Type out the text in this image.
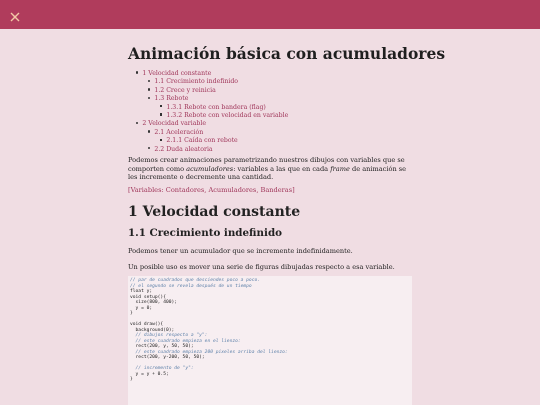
Animación básica con acumuladores
1 Velocidad constante
1.1 Crecimiento indefinido
1.2 Crece y reinicia
1.3 Rebote
1.3.1 Rebote con bandera (flag)
1.3.2 Rebote con velocidad en variable
2 Velocidad variable
2.1 Aceleración
2.1.1 Caída con rebote
2.2 Duda aleatoria

Podemos crear animaciones parametrizando nuestros dibujos con variables que se comporten como acumuladores: variables a las que en cada frame de animación se les incremente o decremente una cantidad.

[Variables: Contadores, Acumuladores, Banderas]
1 Velocidad constante
1.1 Crecimiento indefinido

Podemos tener un acumulador que se incremente indefinidamente.

Un posible uso es mover una serie de figuras dibujadas respecto a esa variable.

// par de cuadrados que desciendes poco a poco.
// el segundo se revela después de un tiempo
float y;
void setup(){
size(800, 400);
y = 0;
}

void draw(){
background(0);
// dibujos respecto a "y":
// este cuadrado empieza en el lienzo:
rect(200, y, 50, 50);
// este cuadrado empieza 200 pixeles arriba del lienzo:
rect(200, y-200, 50, 50);

// incremento de "y":
y = y + 0.5;
}
